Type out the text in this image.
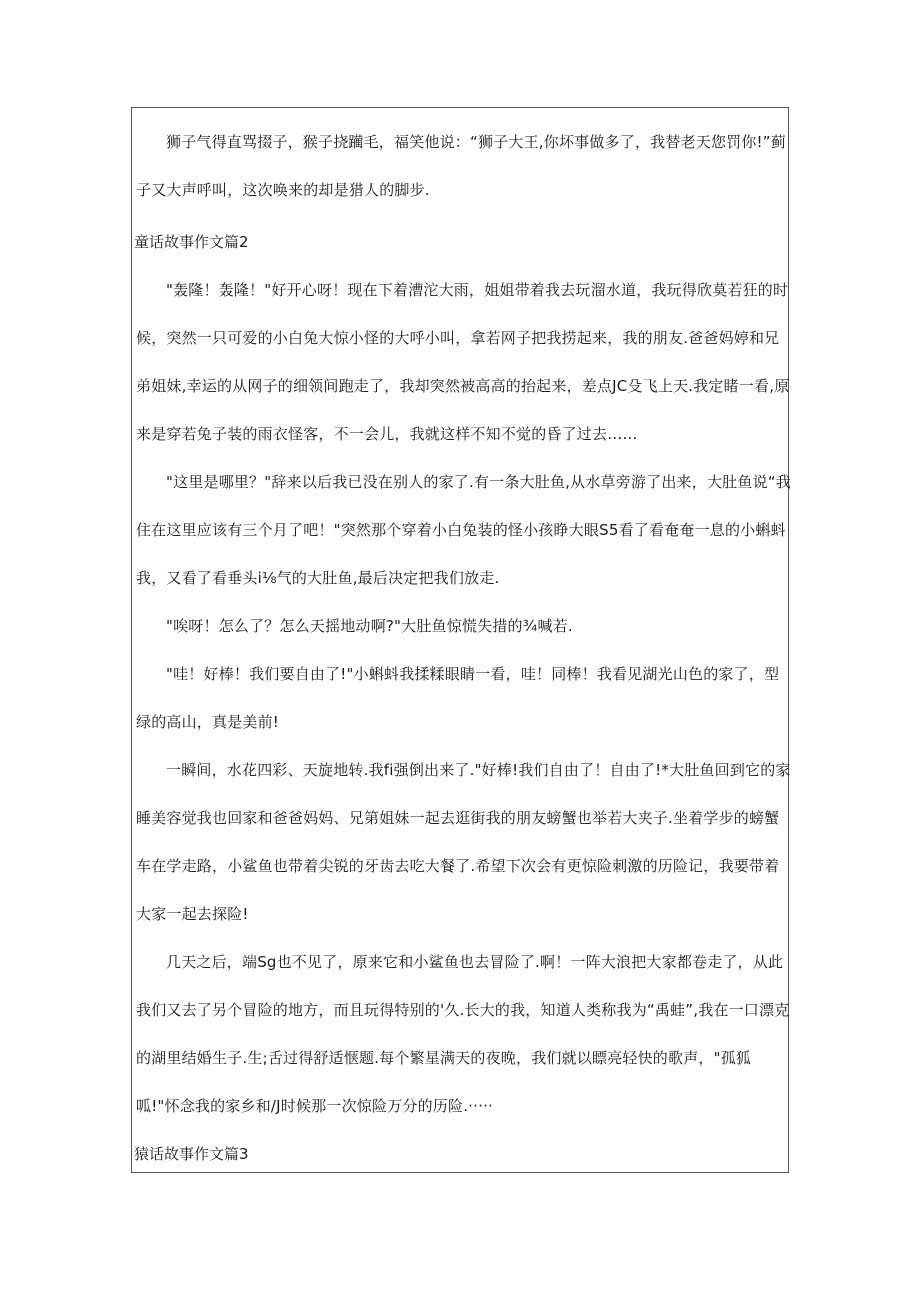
狮子气得直骂掇子，猴子挠躏毛，福笑他说：“狮子大王,你坏事做多了，我替老天您罚你!”蓟子又大声呼叫，这次唤来的却是猎人的脚步.

童话故事作文篇2

"轰隆！轰隆！"好开心呀！现在下着漕沱大雨，姐姐带着我去玩溜水道，我玩得欣莫若狂的时候，突然一只可爱的小白兔大惊小怪的大呼小叫，拿若网子把我捞起来，我的朋友.爸爸妈婷和兄弟姐妹,幸运的从网子的细领间跑走了，我却突然被高高的抬起来，差点JC殳飞上天.我定睹一看,原来是穿若兔子装的雨衣怪客，不一会儿，我就这样不知不觉的昏了过去……

"这里是哪里？"辞来以后我已没在别人的家了.有一条大肚鱼,从水草旁游了出来，大肚鱼说“我住在这里应该有三个月了吧！"突然那个穿着小白兔装的怪小孩睁大眼S5看了看奄奄一息的小蝌蚪我，又看了看垂头i⅛气的大肚鱼,最后决定把我们放走.

"唉呀！怎么了？怎么天摇地动啊?"大肚鱼惊慌失措的¾喊若.

"哇！好棒！我们要自由了!"小蝌蚪我揉糅眼睛一看，哇！同棒！我看见湖光山色的家了，型绿的高山，真是美前!

一瞬间，水花四彩、天旋地转.我fi强倒出来了."好棒!我们自由了！自由了!*大肚鱼回到它的家睡美容觉我也回家和爸爸妈妈、兄第姐妹一起去逛街我的朋友螃蟹也举若大夹子.坐着学步的螃蟹车在学走路，小鲨鱼也带着尖锐的牙齿去吃大餐了.希望下次会有更惊险刺激的历险记，我要带着大家一起去探险!

几天之后，端Sg也不见了，原来它和小鲨鱼也去冒险了.啊！一阵大浪把大家都卷走了，从此我们又去了另个冒险的地方，而且玩得特别的'久.长大的我，知道人类称我为“禹蛙”,我在一口漂克的湖里结婚生子.生;舌过得舒适惬题.每个繁星满天的夜晚，我们就以瞟亮轻快的歌声，"孤狐呱!"怀念我的家乡和/J时候那一次惊险万分的历险.·····

猿话故事作文篇3
